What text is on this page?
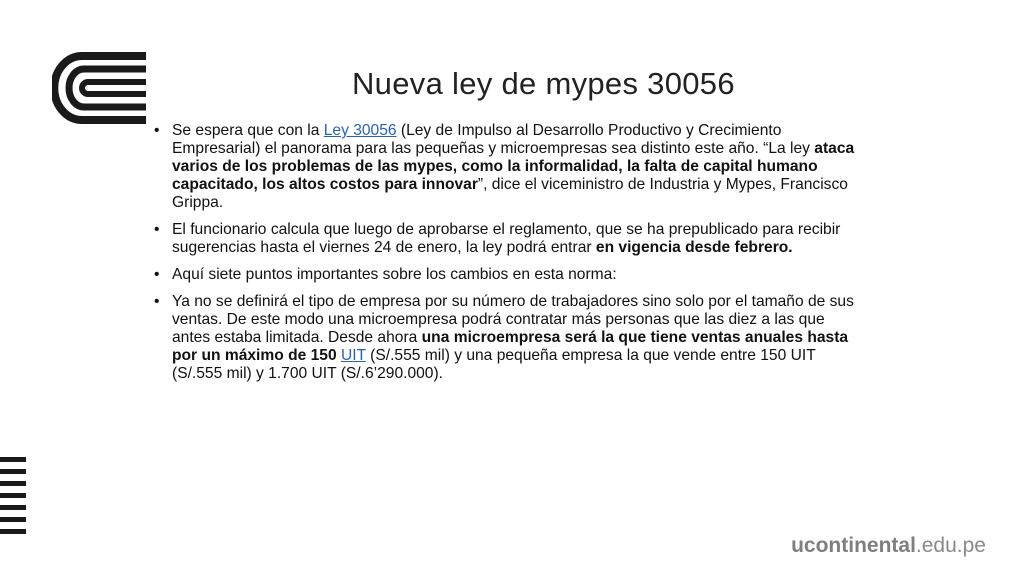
Nueva ley de mypes 30056
• Se espera que con la Ley 30056 (Ley de Impulso al Desarrollo Productivo y Crecimiento Empresarial) el panorama para las pequeñas y microempresas sea distinto este año. “La ley ataca varios de los problemas de las mypes, como la informalidad, la falta de capital humano capacitado, los altos costos para innovar”, dice el viceministro de Industria y Mypes, Francisco Grippa.

• El funcionario calcula que luego de aprobarse el reglamento, que se ha prepublicado para recibir sugerencias hasta el viernes 24 de enero, la ley podrá entrar en vigencia desde febrero.

• Aquí siete puntos importantes sobre los cambios en esta norma:

• Ya no se definirá el tipo de empresa por su número de trabajadores sino solo por el tamaño de sus ventas. De este modo una microempresa podrá contratar más personas que las diez a las que antes estaba limitada. Desde ahora una microempresa será la que tiene ventas anuales hasta por un máximo de 150 UIT (S/.555 mil) y una pequeña empresa la que vende entre 150 UIT (S/.555 mil) y 1.700 UIT (S/.6’290.000).

ucontinental.edu.pe
